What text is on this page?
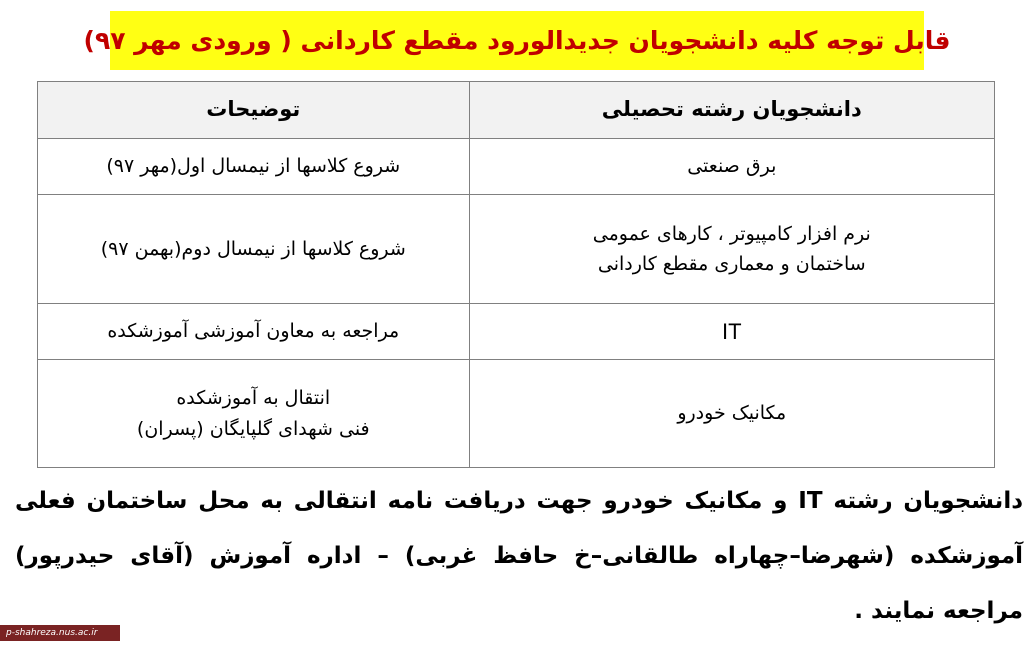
قابل توجه کلیه دانشجویان جدیدالورود مقطع کاردانی ( ورودی مهر ۹۷)
دانشجویان رشته تحصیلی	توضیحات
برق صنعتی	شروع کلاسها از نیمسال اول(مهر ۹۷)

نرم افزار کامپیوتر ، کارهای عمومی
ساختمان و معماری مقطع کاردانی	شروع کلاسها از نیمسال دوم(بهمن ۹۷)
IT	مراجعه به معاون آموزشی آموزشکده
مکانیک خودرو	انتقال به آموزشکده
فنی شهدای گلپایگان (پسران)
دانشجویان رشته IT و مکانیک خودرو جهت دریافت نامه انتقالی به محل ساختمان فعلی آموزشکده (شهرضا–چهاراه طالقانی–خ حافظ غربی) – اداره آموزش (آقای حیدرپور) مراجعه نمایند .
p-shahreza.nus.ac.ir
